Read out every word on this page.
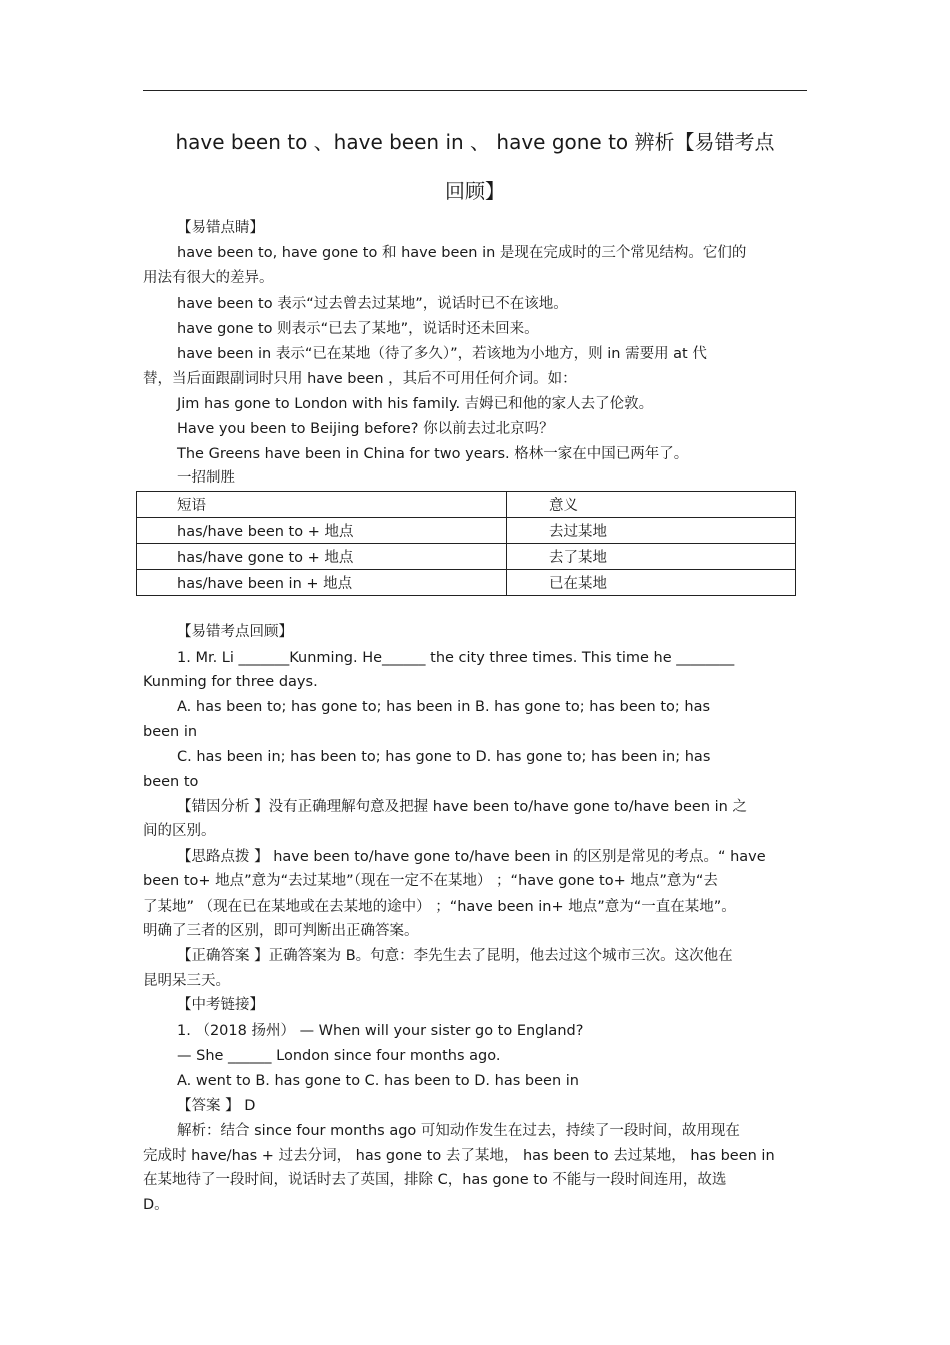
have been to 、have been in 、 have gone to 辨析【易错考点
回顾】
【易错点睛】
have been to, have gone to 和 have been in 是现在完成时的三个常见结构。它们的
用法有很大的差异。
have been to 表示“过去曾去过某地”，说话时已不在该地。
have gone to 则表示“已去了某地”，说话时还未回来。
have been in 表示“已在某地（待了多久）”，若该地为小地方，则 in 需要用 at 代
替，当后面跟副词时只用 have been ，其后不可用任何介词。如：
Jim has gone to London with his family. 吉姆已和他的家人去了伦敦。
Have you been to Beijing before? 你以前去过北京吗？
The Greens have been in China for two years. 格林一家在中国已两年了。
一招制胜
短语	意义
has/have been to + 地点	去过某地
has/have gone to + 地点	去了某地
has/have been in + 地点	已在某地
【易错考点回顾】
1. Mr. Li _______Kunming. He______ the city three times. This time he ________
Kunming for three days.
A. has been to; has gone to; has been in B. has gone to; has been to; has
been in
C. has been in; has been to; has gone to D. has gone to; has been in; has
been to
【错因分析 】没有正确理解句意及把握 have been to/have gone to/have been in 之
间的区别。
【思路点拨 】 have been to/have gone to/have been in 的区别是常见的考点。“ have
been to+ 地点”意为“去过某地”（现在一定不在某地） ；“have gone to+ 地点”意为“去
了某地” （现在已在某地或在去某地的途中） ；“have been in+ 地点”意为“一直在某地”。
明确了三者的区别，即可判断出正确答案。
【正确答案 】正确答案为 B。句意：李先生去了昆明，他去过这个城市三次。这次他在
昆明呆三天。
【中考链接】
1. （2018 扬州） — When will your sister go to England?
— She ______ London since four months ago.
A. went to B. has gone to C. has been to D. has been in
【答案 】 D
解析：结合 since four months ago 可知动作发生在过去，持续了一段时间，故用现在
完成时 have/has + 过去分词， has gone to 去了某地， has been to 去过某地， has been in
在某地待了一段时间，说话时去了英国，排除 C，has gone to 不能与一段时间连用，故选
D。
